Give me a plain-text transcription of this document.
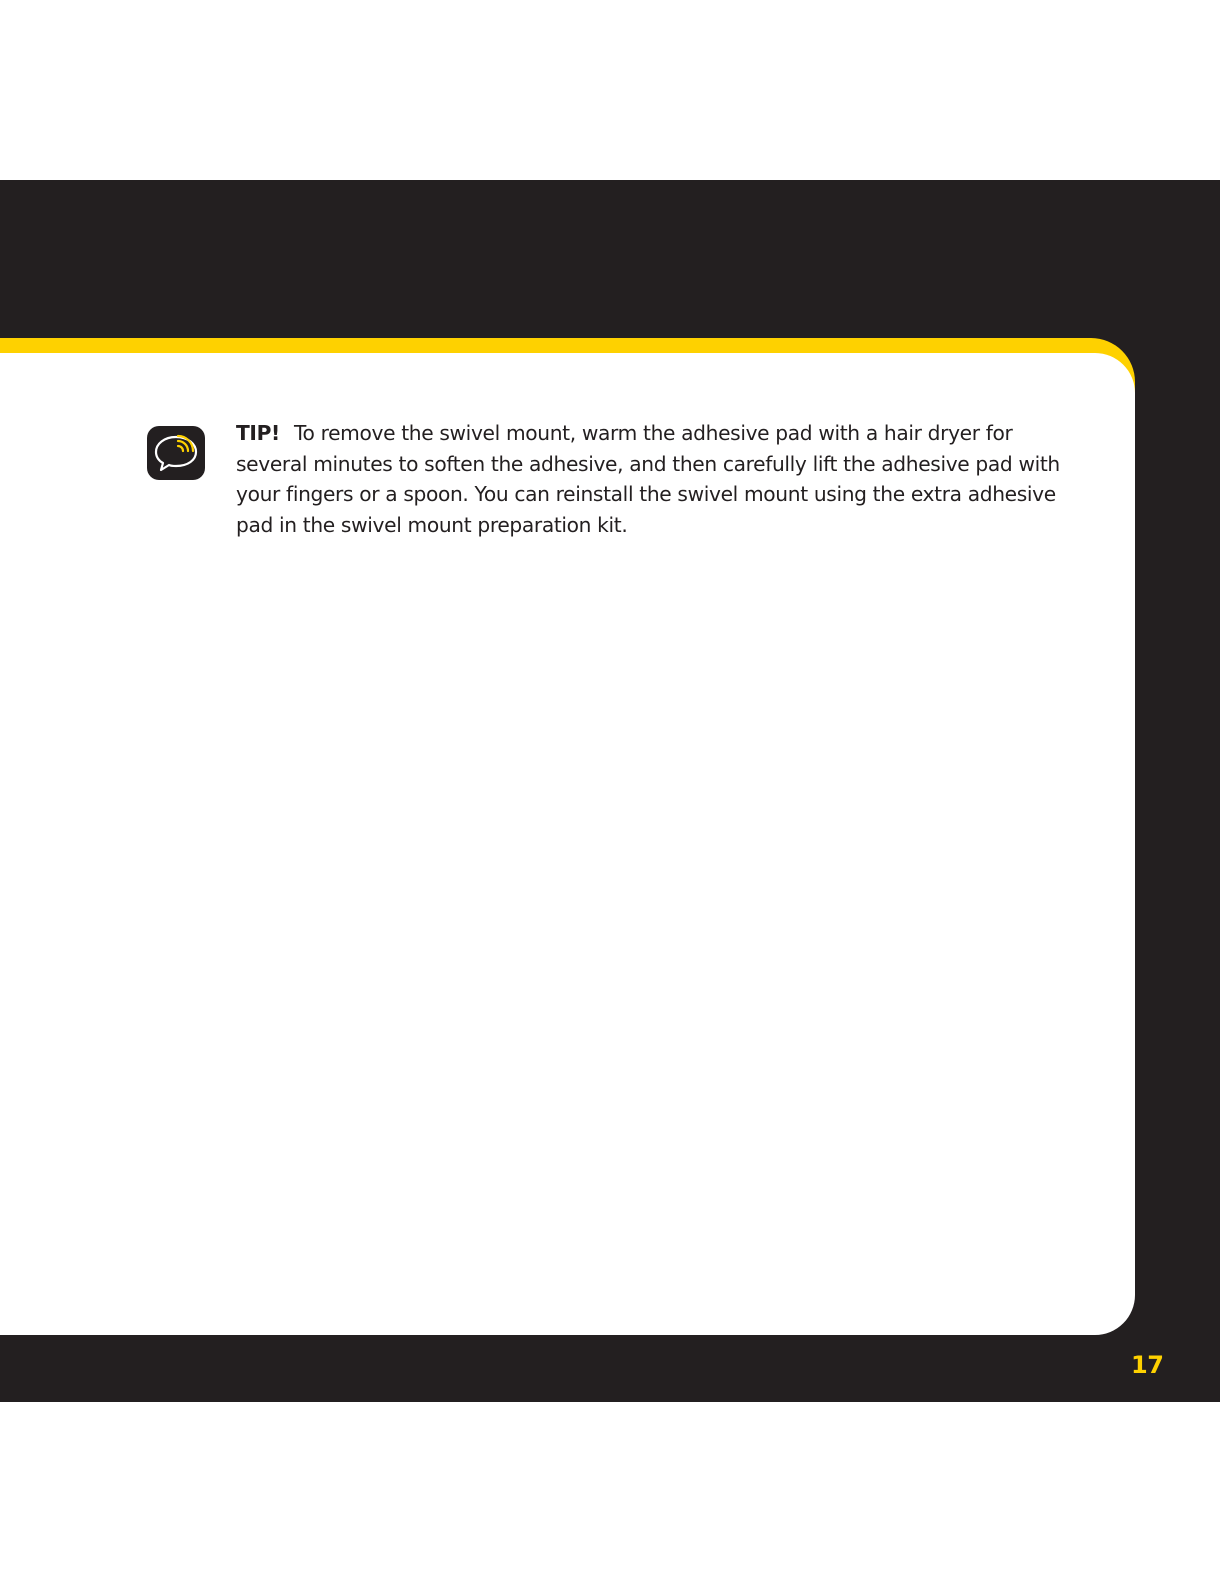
TIP! To remove the swivel mount, warm the adhesive pad with a hair dryer for several minutes to soften the adhesive, and then carefully lift the adhesive pad with your fingers or a spoon. You can reinstall the swivel mount using the extra adhesive pad in the swivel mount preparation kit.

17
